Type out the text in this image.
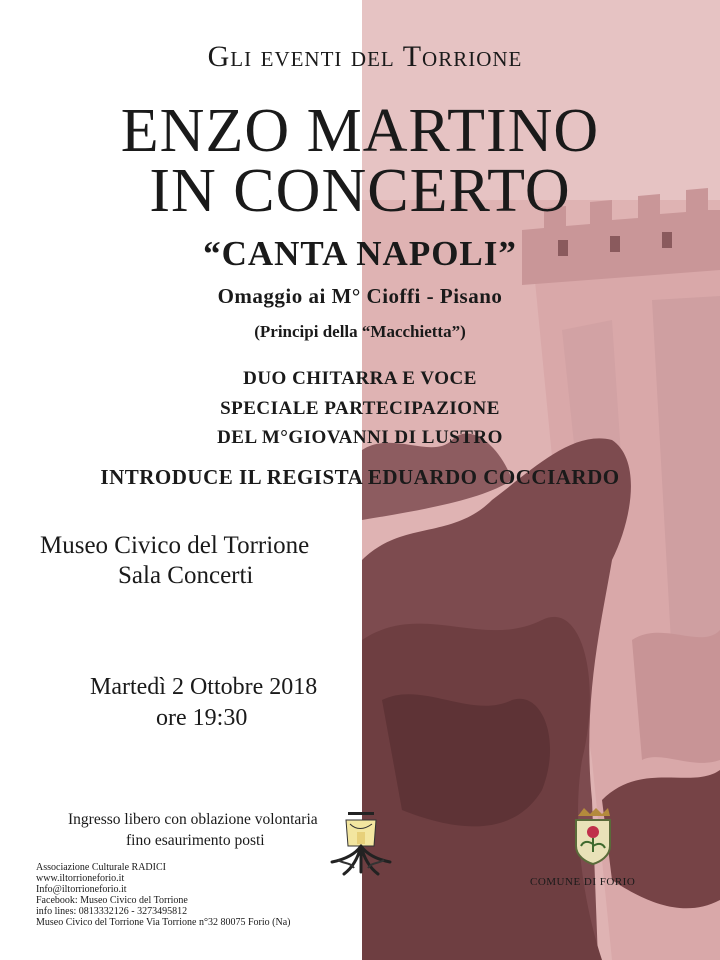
Gli eventi del Torrione

ENZO MARTINO

IN CONCERTO

“CANTA NAPOLI”

Omaggio ai M° Cioffi - Pisano

(Principi della “Macchietta”)

DUO CHITARRA E VOCE

SPECIALE PARTECIPAZIONE

DEL M°GIOVANNI DI LUSTRO

INTRODUCE IL REGISTA EDUARDO COCCIARDO

Museo Civico del Torrione

Sala Concerti

Martedì 2 Ottobre 2018

ore 19:30

Ingresso libero con oblazione volontaria

fino esaurimento posti

Associazione Culturale RADICI
www.iltorrioneforio.it
Info@iltorrioneforio.it
Facebook: Museo Civico del Torrione
info lines: 0813332126 - 3273495812
Museo Civico del Torrione Via Torrione n°32 80075 Forio (Na)

COMUNE DI FORIO
